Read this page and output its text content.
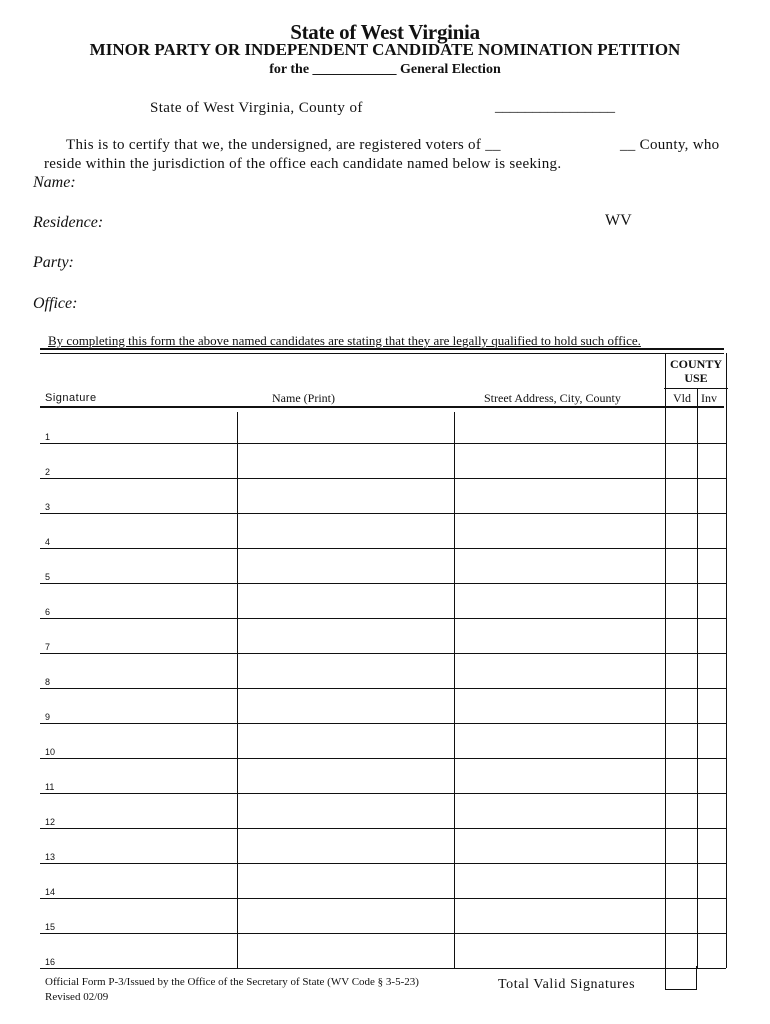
State of West Virginia
MINOR PARTY OR INDEPENDENT CANDIDATE NOMINATION PETITION
for the ____________ General Election
State of West Virginia, County of	________________
This is to certify that we, the undersigned, are registered voters of __	__ County, who
reside within the jurisdiction of the office each candidate named below is seeking.
Name:
Residence:	WV
Party:
Office:
By completing this form the above named candidates are stating that they are legally qualified to hold such office.
COUNTY
USE
Signature	Name (Print)	Street Address, City, County	Vld Inv
1
2
3
4
5
6
7
8
9
10
11
12
13
14
15
16
Official Form P-3/Issued by the Office of the Secretary of State (WV Code § 3-5-23)
Revised 02/09
Total Valid Signatures
